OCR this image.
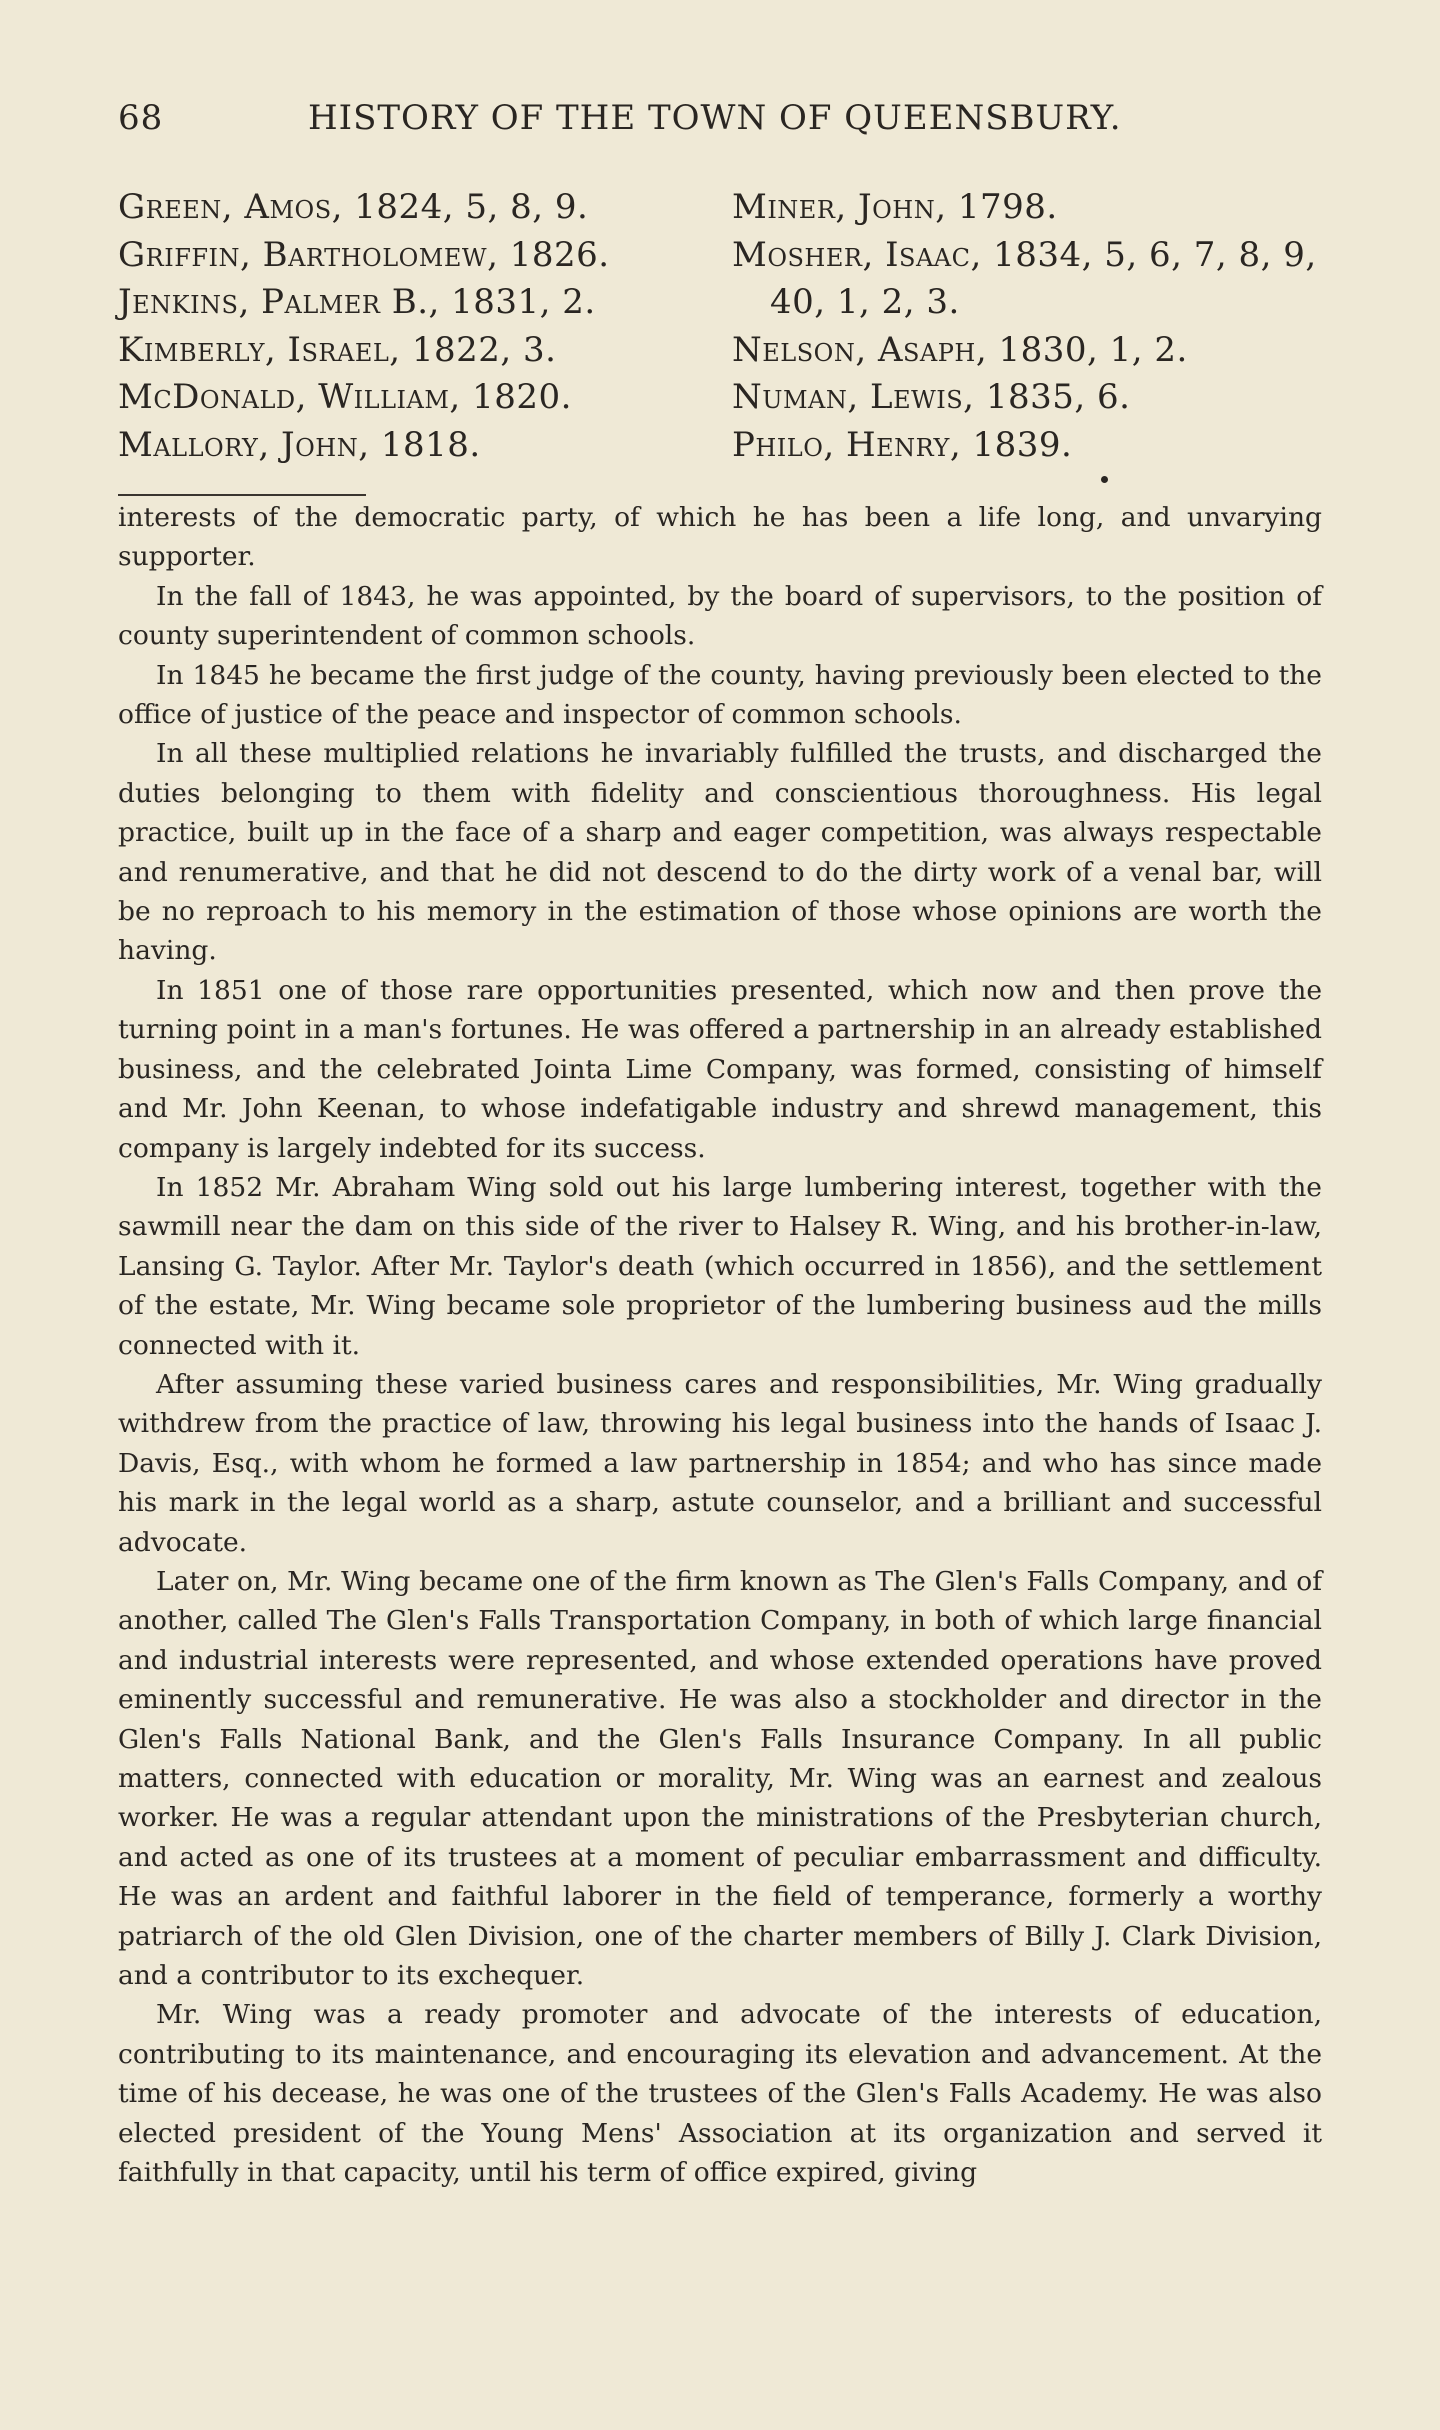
68	HISTORY OF THE TOWN OF QUEENSBURY.
Green, Amos, 1824, 5, 8, 9.
Griffin, Bartholomew, 1826.
Jenkins, Palmer B., 1831, 2.
Kimberly, Israel, 1822, 3.
McDonald, William, 1820.
Mallory, John, 1818.
Miner, John, 1798.
Mosher, Isaac, 1834, 5, 6, 7, 8, 9,
40, 1, 2, 3.
Nelson, Asaph, 1830, 1, 2.
Numan, Lewis, 1835, 6.
Philo, Henry, 1839.

interests of the democratic party, of which he has been a life long, and unvarying supporter.

In the fall of 1843, he was appointed, by the board of supervisors, to the position of county superintendent of common schools.

In 1845 he became the first judge of the county, having previously been elected to the office of justice of the peace and inspector of common schools.

In all these multiplied relations he invariably fulfilled the trusts, and discharged the duties belonging to them with fidelity and conscientious thoroughness. His legal practice, built up in the face of a sharp and eager competition, was always respectable and renumerative, and that he did not descend to do the dirty work of a venal bar, will be no reproach to his memory in the estimation of those whose opinions are worth the having.

In 1851 one of those rare opportunities presented, which now and then prove the turning point in a man's fortunes. He was offered a partnership in an already established business, and the celebrated Jointa Lime Company, was formed, consisting of himself and Mr. John Keenan, to whose indefatigable industry and shrewd management, this company is largely indebted for its success.

In 1852 Mr. Abraham Wing sold out his large lumbering interest, together with the sawmill near the dam on this side of the river to Halsey R. Wing, and his brother-in-law, Lansing G. Taylor. After Mr. Taylor's death (which occurred in 1856), and the settlement of the estate, Mr. Wing became sole proprietor of the lumbering business aud the mills connected with it.

After assuming these varied business cares and responsibilities, Mr. Wing gradually withdrew from the practice of law, throwing his legal business into the hands of Isaac J. Davis, Esq., with whom he formed a law partnership in 1854; and who has since made his mark in the legal world as a sharp, astute counselor, and a brilliant and successful advocate.

Later on, Mr. Wing became one of the firm known as The Glen's Falls Company, and of another, called The Glen's Falls Transportation Company, in both of which large financial and industrial interests were represented, and whose extended operations have proved eminently successful and remunerative. He was also a stockholder and director in the Glen's Falls National Bank, and the Glen's Falls Insurance Company. In all public matters, connected with education or morality, Mr. Wing was an earnest and zealous worker. He was a regular attendant upon the ministrations of the Presbyterian church, and acted as one of its trustees at a moment of peculiar embarrassment and difficulty. He was an ardent and faithful laborer in the field of temperance, formerly a worthy patriarch of the old Glen Division, one of the charter members of Billy J. Clark Division, and a contributor to its exchequer.

Mr. Wing was a ready promoter and advocate of the interests of education, contributing to its maintenance, and encouraging its elevation and advancement. At the time of his decease, he was one of the trustees of the Glen's Falls Academy. He was also elected president of the Young Mens' Association at its organization and served it faithfully in that capacity, until his term of office expired, giving
